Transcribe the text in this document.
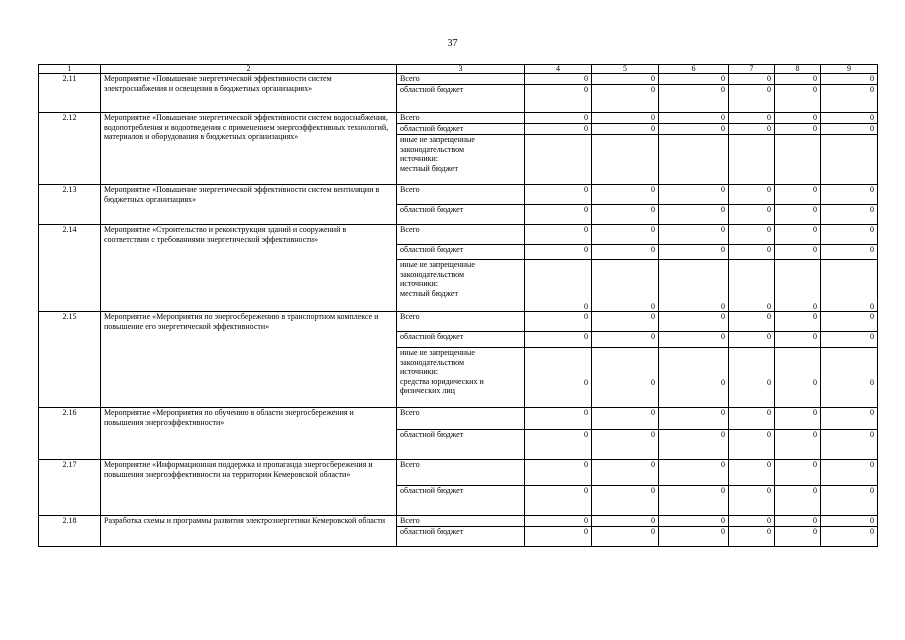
37
1	2	3	4	5	6	7	8	9
2.11	Мероприятие «Повышение энергетической эффективности систем электроснабжения и освещения в бюджетных организациях»	Всего	0	0	0	0	0	0
		областной бюджет	0	0	0	0	0	0
2.12	Мероприятие «Повышение энергетической эффективности систем водоснабжения, водопотребления и водоотведения с применением энергоэффективных технологий, материалов и оборудования в бюджетных организациях»	Всего	0	0	0	0	0	0
		областной бюджет	0	0	0	0	0	0

		иные не запрещенные
законодательством
источники:
местный бюджет						

2.13	Мероприятие «Повышение энергетической эффективности систем вентиляции в бюджетных организациях»	Всего	0	0	0	0	0	0
		областной бюджет	0	0	0	0	0	0
2.14	Мероприятие «Строительство и реконструкция зданий и сооружений в соответствии с требованиями энергетической эффективности»	Всего	0	0	0	0	0	0
		областной бюджет	0	0	0	0	0	0

		иные не запрещенные
законодательством
источники:
местный бюджет	0	0	0	0	0	0
2.15	Мероприятие «Мероприятия по энергосбережению в транспортном комплексе и повышение его энергетической эффективности»	Всего	0	0	0	0	0	0
		областной бюджет	0	0	0	0	0	0

		иные не запрещенные
законодательством
источники:
средства юридических и
физических лиц	0	0	0	0	0	0
2.16	Мероприятие «Мероприятия по обучению в области энергосбережения и повышения энергоэффективности»	Всего	0	0	0	0	0	0
		областной бюджет	0	0	0	0	0	0
2.17	Мероприятие «Информационная поддержка и пропаганда энергосбережения и повышения энергоэффективности на территории Кемеровской области»	Всего	0	0	0	0	0	0
		областной бюджет	0	0	0	0	0	0
2.18	Разработка схемы и программы развития электроэнергетики Кемеровской области	Всего	0	0	0	0	0	0
		областной бюджет	0	0	0	0	0	0
